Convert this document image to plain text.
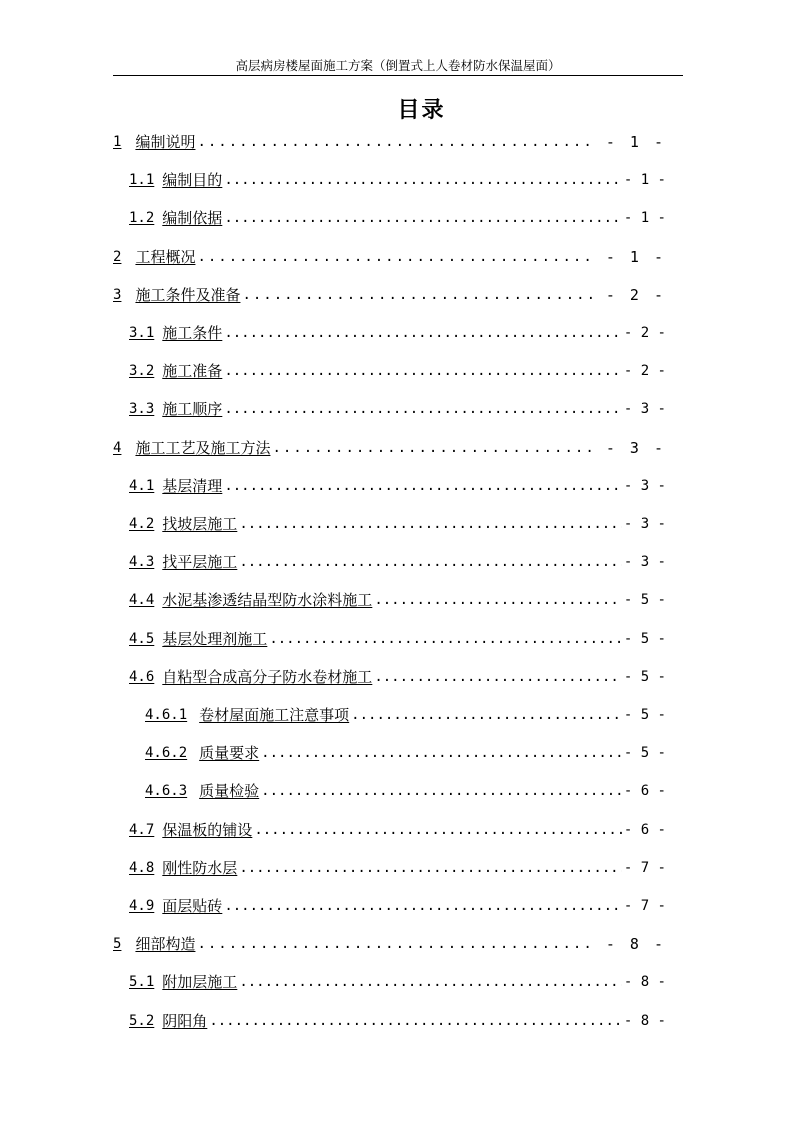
高层病房楼屋面施工方案（倒置式上人卷材防水保温屋面）
目录
1 编制说明 .....	- 1 -
1.1 编制目的 .....	- 1 -
1.2 编制依据 .....	- 1 -
2 工程概况 .....	- 1 -
3 施工条件及准备 .....	- 2 -
3.1 施工条件 .....	- 2 -
3.2 施工准备 .....	- 2 -
3.3 施工顺序 .....	- 3 -
4 施工工艺及施工方法 .....	- 3 -
4.1 基层清理 .....	- 3 -
4.2 找坡层施工 .....	- 3 -
4.3 找平层施工 .....	- 3 -
4.4 水泥基渗透结晶型防水涂料施工 .....	- 5 -
4.5 基层处理剂施工 .....	- 5 -
4.6 自粘型合成高分子防水卷材施工 .....	- 5 -
4.6.1 卷材屋面施工注意事项 .....	- 5 -
4.6.2 质量要求 .....	- 5 -
4.6.3 质量检验 .....	- 6 -
4.7 保温板的铺设 .....	- 6 -
4.8 刚性防水层 .....	- 7 -
4.9 面层贴砖 .....	- 7 -
5 细部构造 .....	- 8 -
5.1 附加层施工 .....	- 8 -
5.2 阴阳角 .....	- 8 -
